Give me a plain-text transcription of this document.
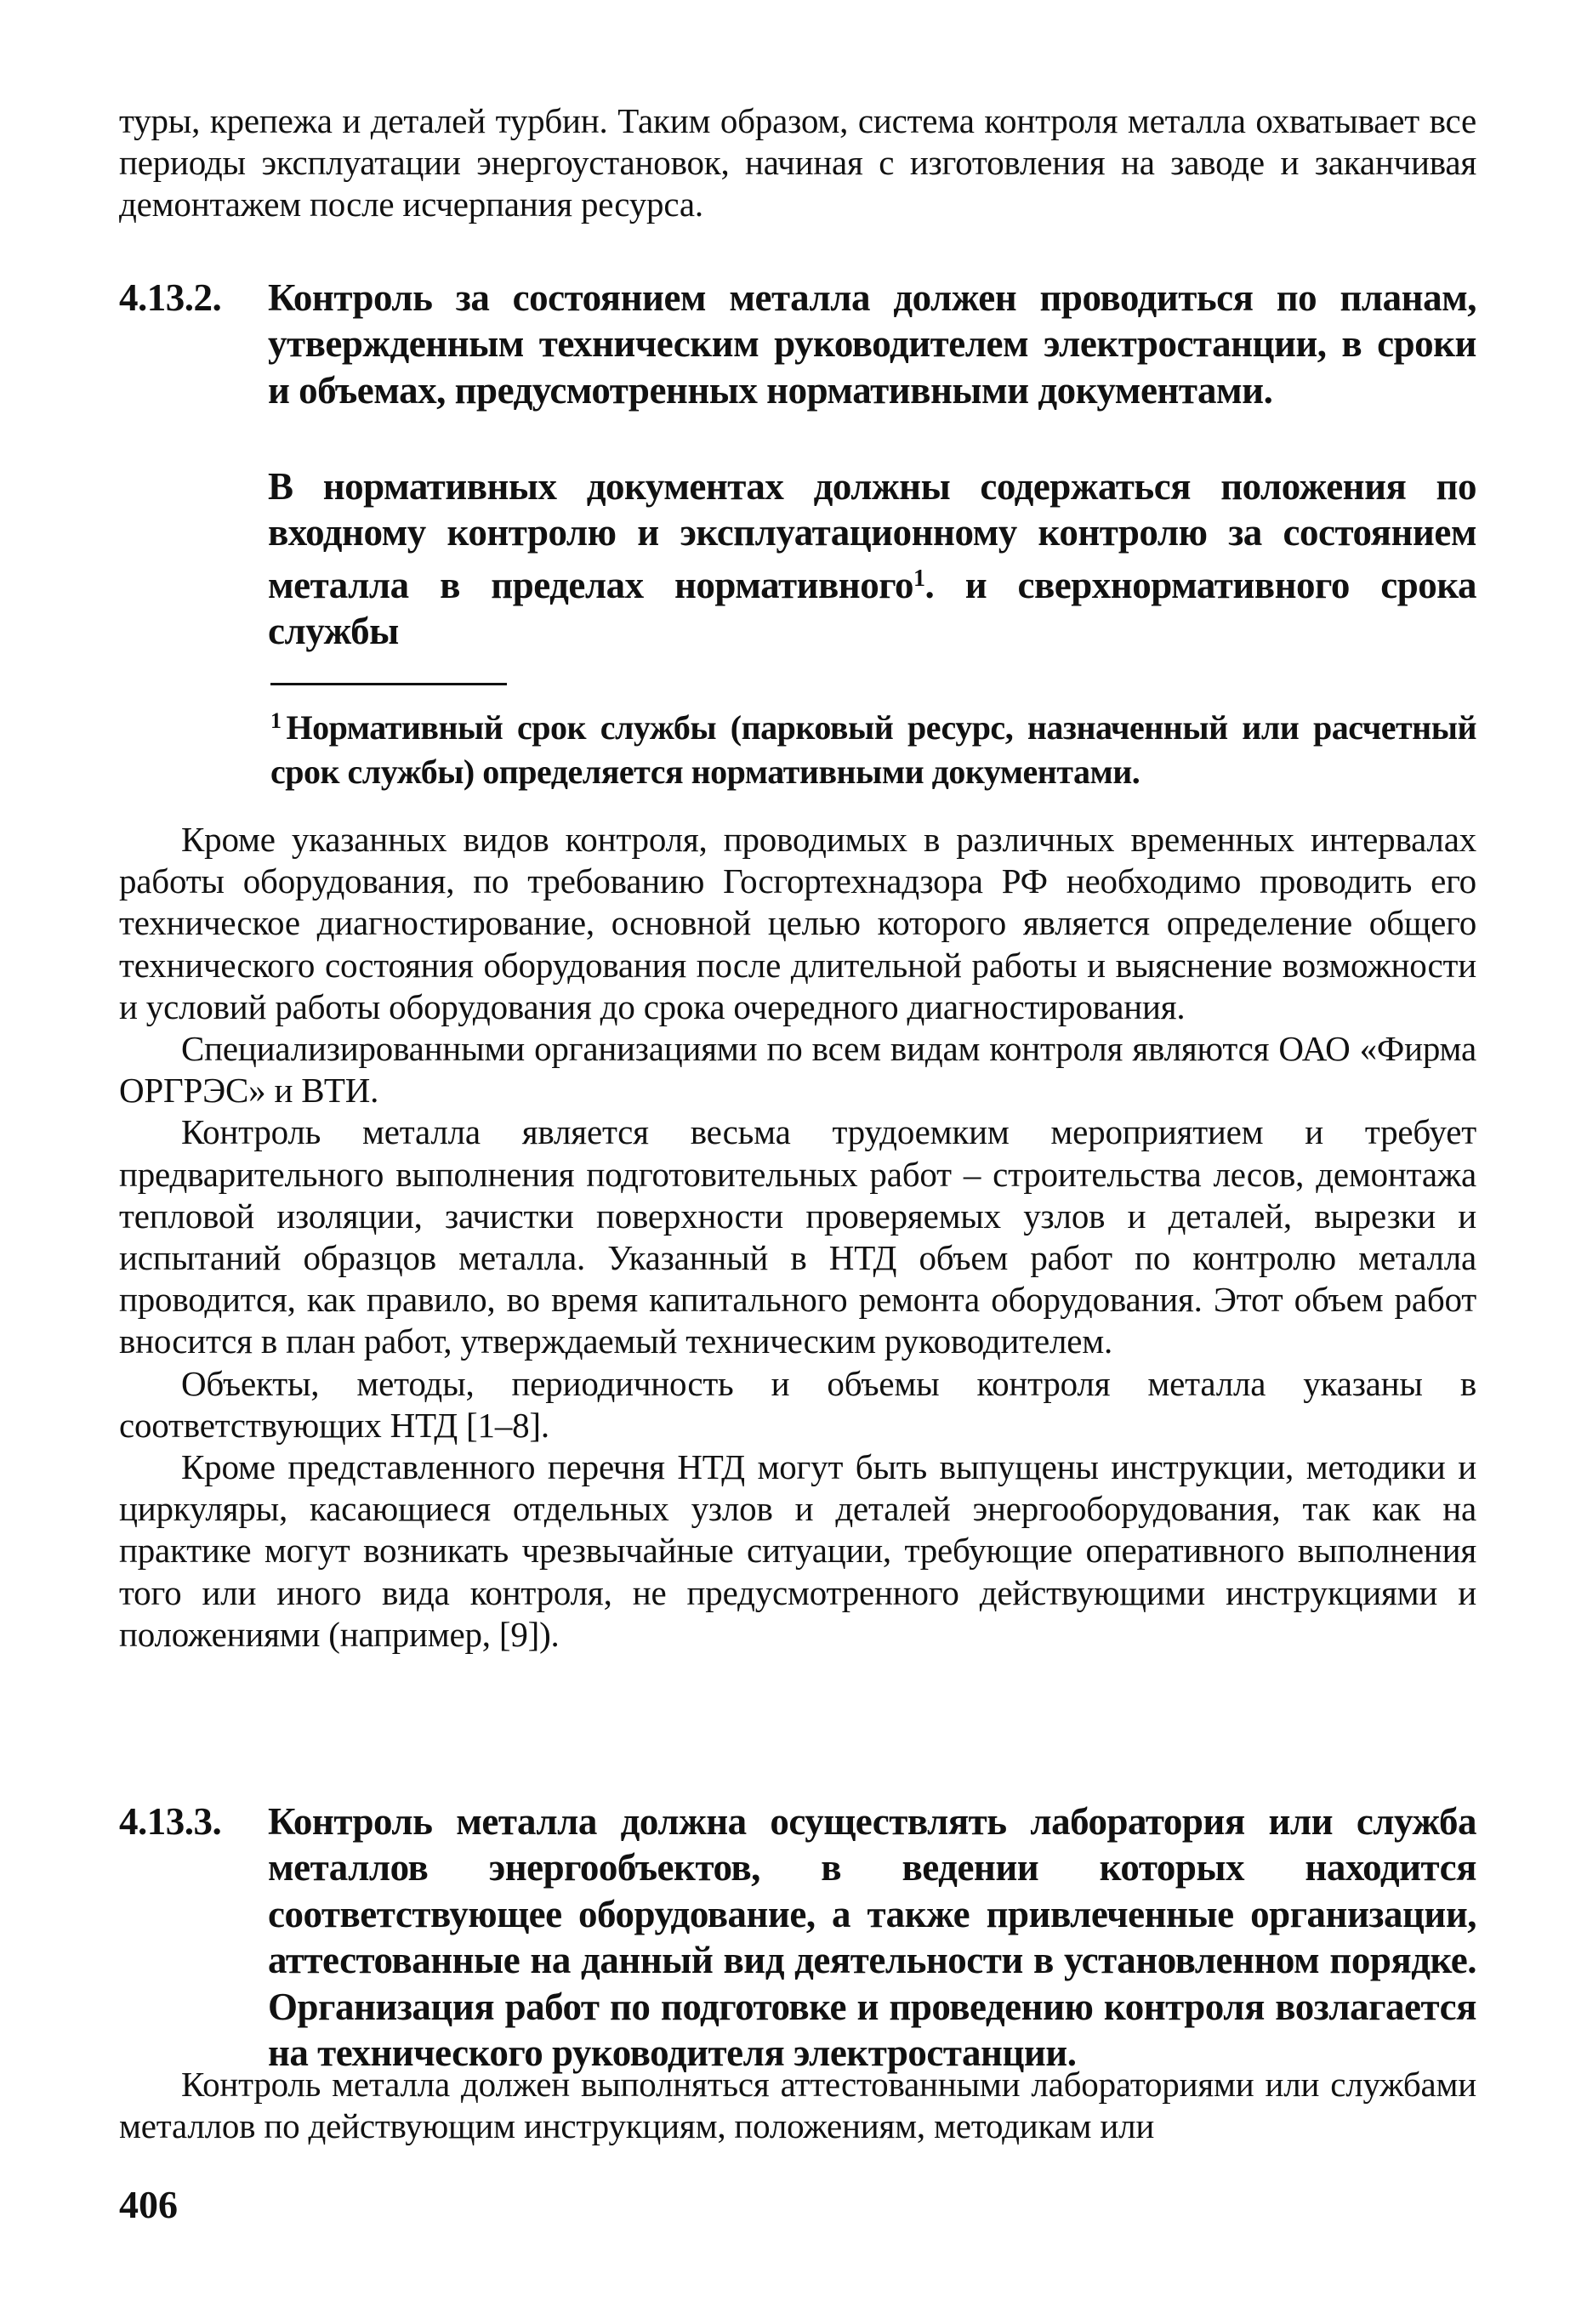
туры, крепежа и деталей турбин. Таким образом, система контроля металла охватывает все периоды эксплуатации энергоустановок, начиная с изготовления на заводе и заканчивая демонтажем после исчерпания ресурса.

4.13.2. Контроль за состоянием металла должен проводиться по планам, утвержденным техническим руководителем электростанции, в сроки и объемах, предусмотренных нормативными документами.

В нормативных документах должны содержаться положения по входному контролю и эксплуатационному контролю за состоянием металла в пределах нормативного$^1$. и сверхнормативного срока службы

$^1$ Нормативный срок службы (парковый ресурс, назначенный или расчетный срок службы) определяется нормативными документами.

Кроме указанных видов контроля, проводимых в различных временных интервалах работы оборудования, по требованию Госгортехнадзора РФ необходимо проводить его техническое диагностирование, основной целью которого является определение общего технического состояния оборудования после длительной работы и выяснение возможности и условий работы оборудования до срока очередного диагностирования.

Специализированными организациями по всем видам контроля являются ОАО «Фирма ОРГРЭС» и ВТИ.

Контроль металла является весьма трудоемким мероприятием и требует предварительного выполнения подготовительных работ – строительства лесов, демонтажа тепловой изоляции, зачистки поверхности проверяемых узлов и деталей, вырезки и испытаний образцов металла. Указанный в НТД объем работ по контролю металла проводится, как правило, во время капитального ремонта оборудования. Этот объем работ вносится в план работ, утверждаемый техническим руководителем.

Объекты, методы, периодичность и объемы контроля металла указаны в соответствующих НТД [1–8].

Кроме представленного перечня НТД могут быть выпущены инструкции, методики и циркуляры, касающиеся отдельных узлов и деталей энергооборудования, так как на практике могут возникать чрезвычайные ситуации, требующие оперативного выполнения того или иного вида контроля, не предусмотренного действующими инструкциями и положениями (например, [9]).

4.13.3. Контроль металла должна осуществлять лаборатория или служба металлов энергообъектов, в ведении которых находится соответствующее оборудование, а также привлеченные организации, аттестованные на данный вид деятельности в установленном порядке. Организация работ по подготовке и проведению контроля возлагается на технического руководителя электростанции.

Контроль металла должен выполняться аттестованными лабораториями или службами металлов по действующим инструкциям, положениям, методикам или

406
